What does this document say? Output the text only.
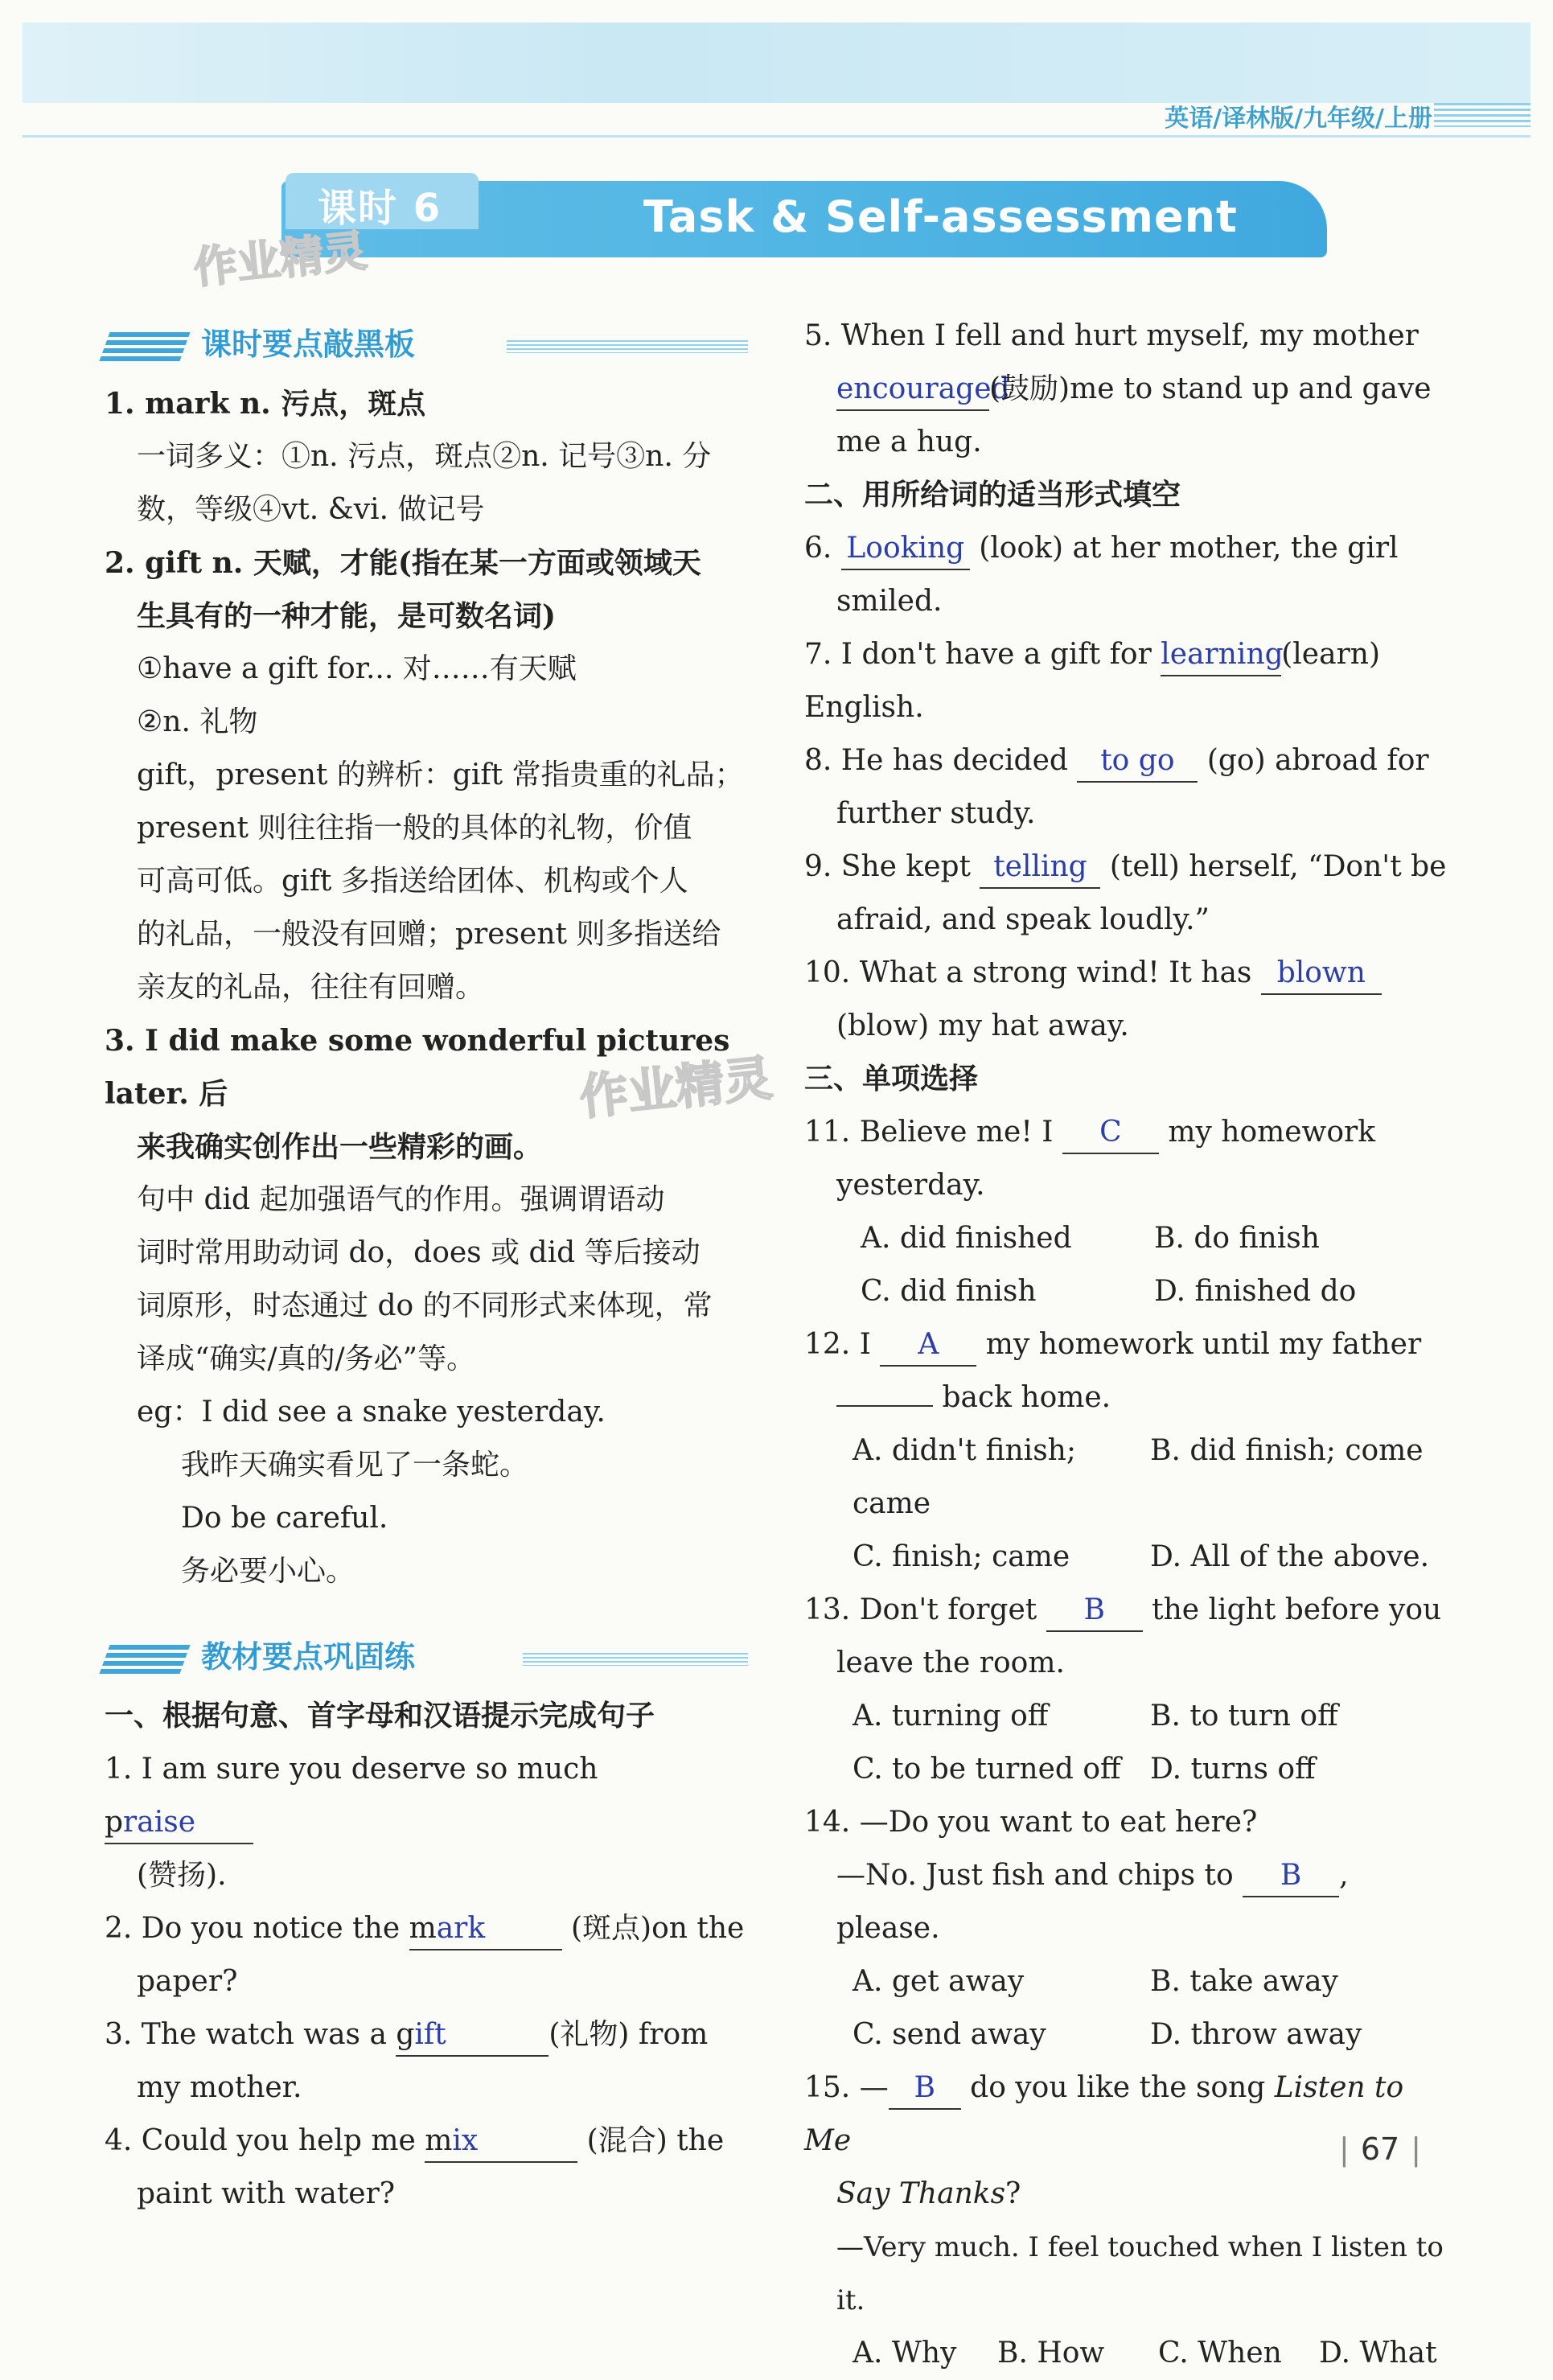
英语/译林版/九年级/上册
课时 6	Task & Self-assessment
作业精灵
作业精灵
课时要点敲黑板

1. mark n. 污点，斑点

一词多义：①n. 污点，斑点②n. 记号③n. 分

数，等级④vt. &vi. 做记号

2. gift n. 天赋，才能(指在某一方面或领域天

生具有的一种才能，是可数名词)

①have a gift for... 对……有天赋

②n. 礼物

gift，present 的辨析：gift 常指贵重的礼品；

present 则往往指一般的具体的礼物，价值

可高可低。gift 多指送给团体、机构或个人

的礼品，一般没有回赠；present 则多指送给

亲友的礼品，往往有回赠。

3. I did make some wonderful pictures later. 后

来我确实创作出一些精彩的画。

句中 did 起加强语气的作用。强调谓语动

词时常用助动词 do，does 或 did 等后接动

词原形，时态通过 do 的不同形式来体现，常

译成“确实/真的/务必”等。

eg：I did see a snake yesterday.

我昨天确实看见了一条蛇。

Do be careful.

务必要小心。

教材要点巩固练

一、根据句意、首字母和汉语提示完成句子

1. I am sure you deserve so much praise

(赞扬).

2. Do you notice the mark	(斑点)on the

paper?

3. The watch was a gift	(礼物) from

my mother.

4. Could you help me mix	(混合) the

paint with water?

5. When I fell and hurt myself, my mother

encouraged(鼓励)me to stand up and gave

me a hug.

二、用所给词的适当形式填空

6. Looking (look) at her mother, the girl

smiled.

7. I don't have a gift for learning(learn) English.

8. He has decided to go (go) abroad for

further study.

9. She kept telling (tell) herself, “Don't be

afraid, and speak loudly.”

10. What a strong wind! It has blown

(blow) my hat away.

三、单项选择

11. Believe me! I C my homework

yesterday.

A. did finished	B. do finish
C. did finish	D. finished do

12. I A my homework until my father

back home.

A. didn't finish; came
B. did finish; come
C. finish; came	D. All of the above.

13. Don't forget B the light before you

leave the room.

A. turning off	B. to turn off
C. to be turned off	D. turns off

14. —Do you want to eat here?

—No. Just fish and chips to B , please.

A. get away	B. take away
C. send away	D. throw away

15. — B do you like the song Listen to Me

Say Thanks?

—Very much. I feel touched when I listen to it.

A. Why	B. How	C. When	D. What
| 67 |
